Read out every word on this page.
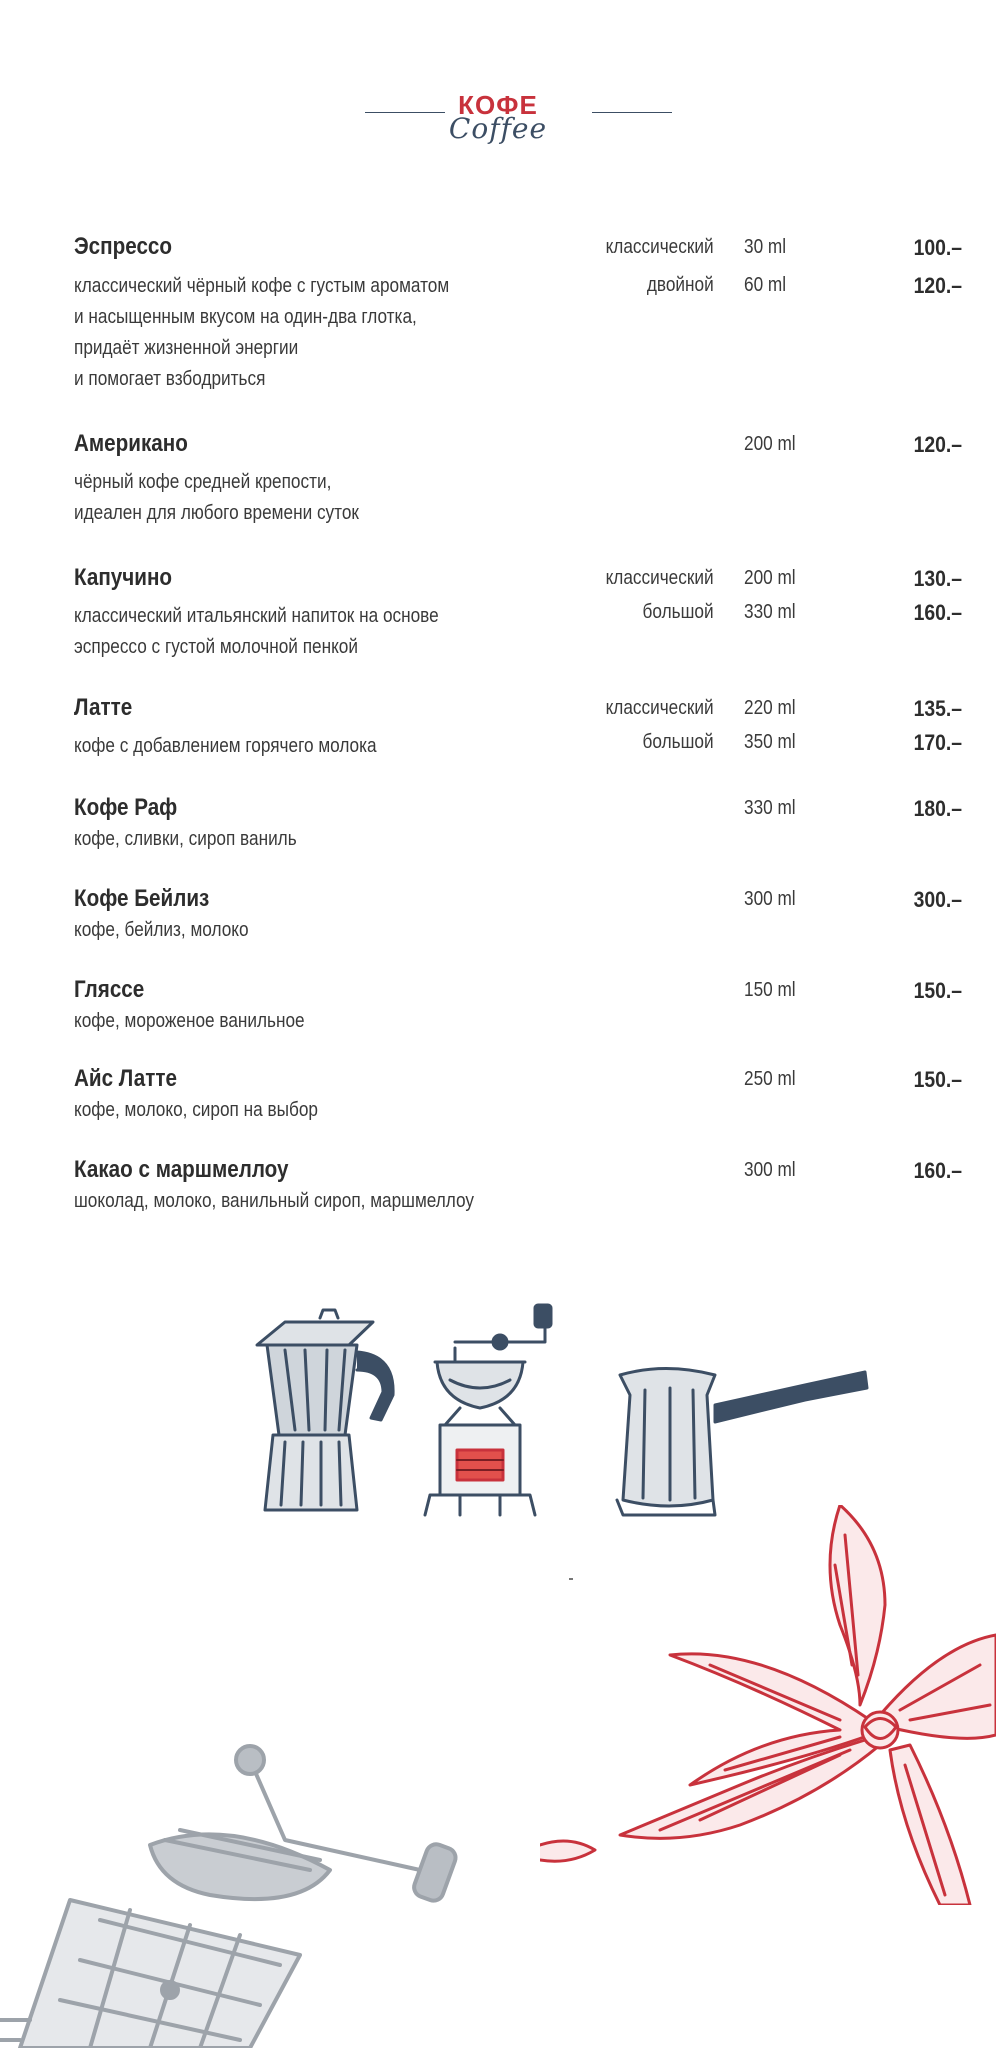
КОФЕ
Coffee
Эспрессо
классический чёрный кофе с густым ароматом
и насыщенным вкусом на один-два глотка,
придаёт жизненной энергии
и помогает взбодриться
классический 30 ml	100.–
двойной 60 ml	120.–
Американо
чёрный кофе средней крепости,
идеален для любого времени суток
200 ml	120.–
Капучино
классический итальянский напиток на основе
эспрессо с густой молочной пенкой
классический 200 ml	130.–
большой 330 ml	160.–
Латте
кофе с добавлением горячего молока
классический 220 ml	135.–
большой 350 ml	170.–
Кофе Раф
кофе, сливки, сироп ваниль
330 ml	180.–
Кофе Бейлиз
кофе, бейлиз, молоко
300 ml	300.–
Гляссе
кофе, мороженое ванильное
150 ml	150.–
Айс Латте
кофе, молоко, сироп на выбор
250 ml	150.–
Какао с маршмеллоу
шоколад, молоко, ванильный сироп, маршмеллоу
300 ml	160.–
